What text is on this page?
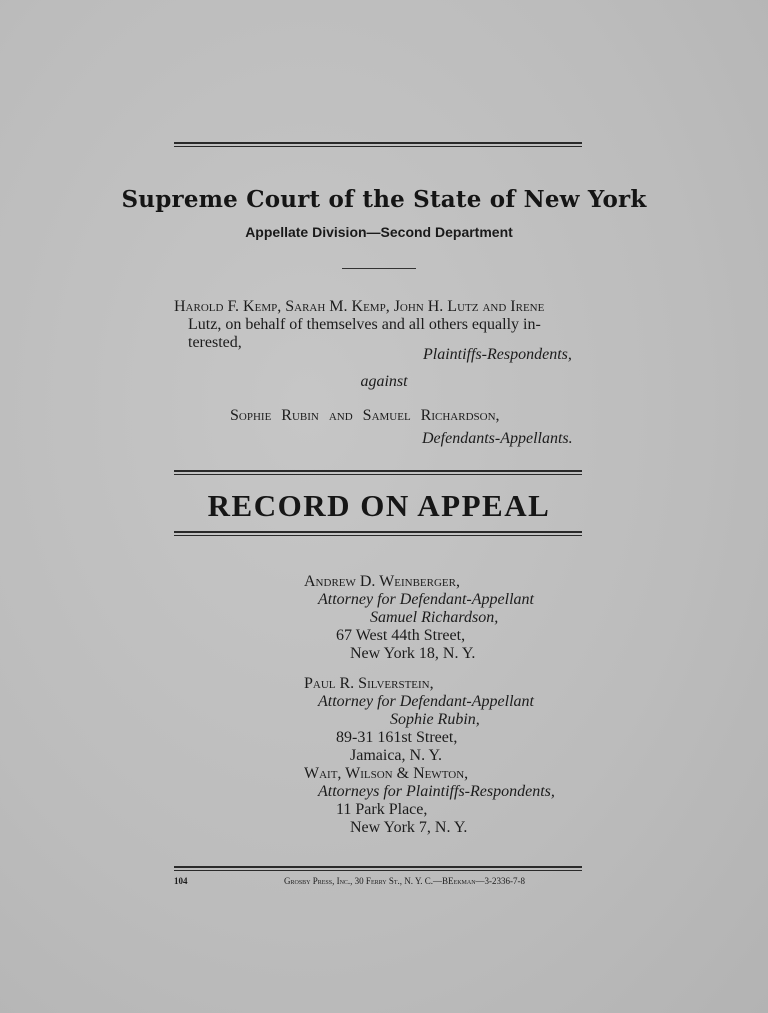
Supreme Court of the State of New York
Appellate Division—Second Department
Harold F. Kemp, Sarah M. Kemp, John H. Lutz and Irene
Lutz, on behalf of themselves and all others equally in-
terested,
Plaintiffs-Respondents,
against
Sophie Rubin and Samuel Richardson,
Defendants-Appellants.
RECORD ON APPEAL
Andrew D. Weinberger,
Attorney for Defendant-Appellant
Samuel Richardson,
67 West 44th Street,
New York 18, N. Y.
Paul R. Silverstein,
Attorney for Defendant-Appellant
Sophie Rubin,
89-31 161st Street,
Jamaica, N. Y.
Wait, Wilson & Newton,
Attorneys for Plaintiffs-Respondents,
11 Park Place,
New York 7, N. Y.
104	Grosby Press, Inc., 30 Ferry St., N. Y. C.—BEekman—3-2336-7-8
